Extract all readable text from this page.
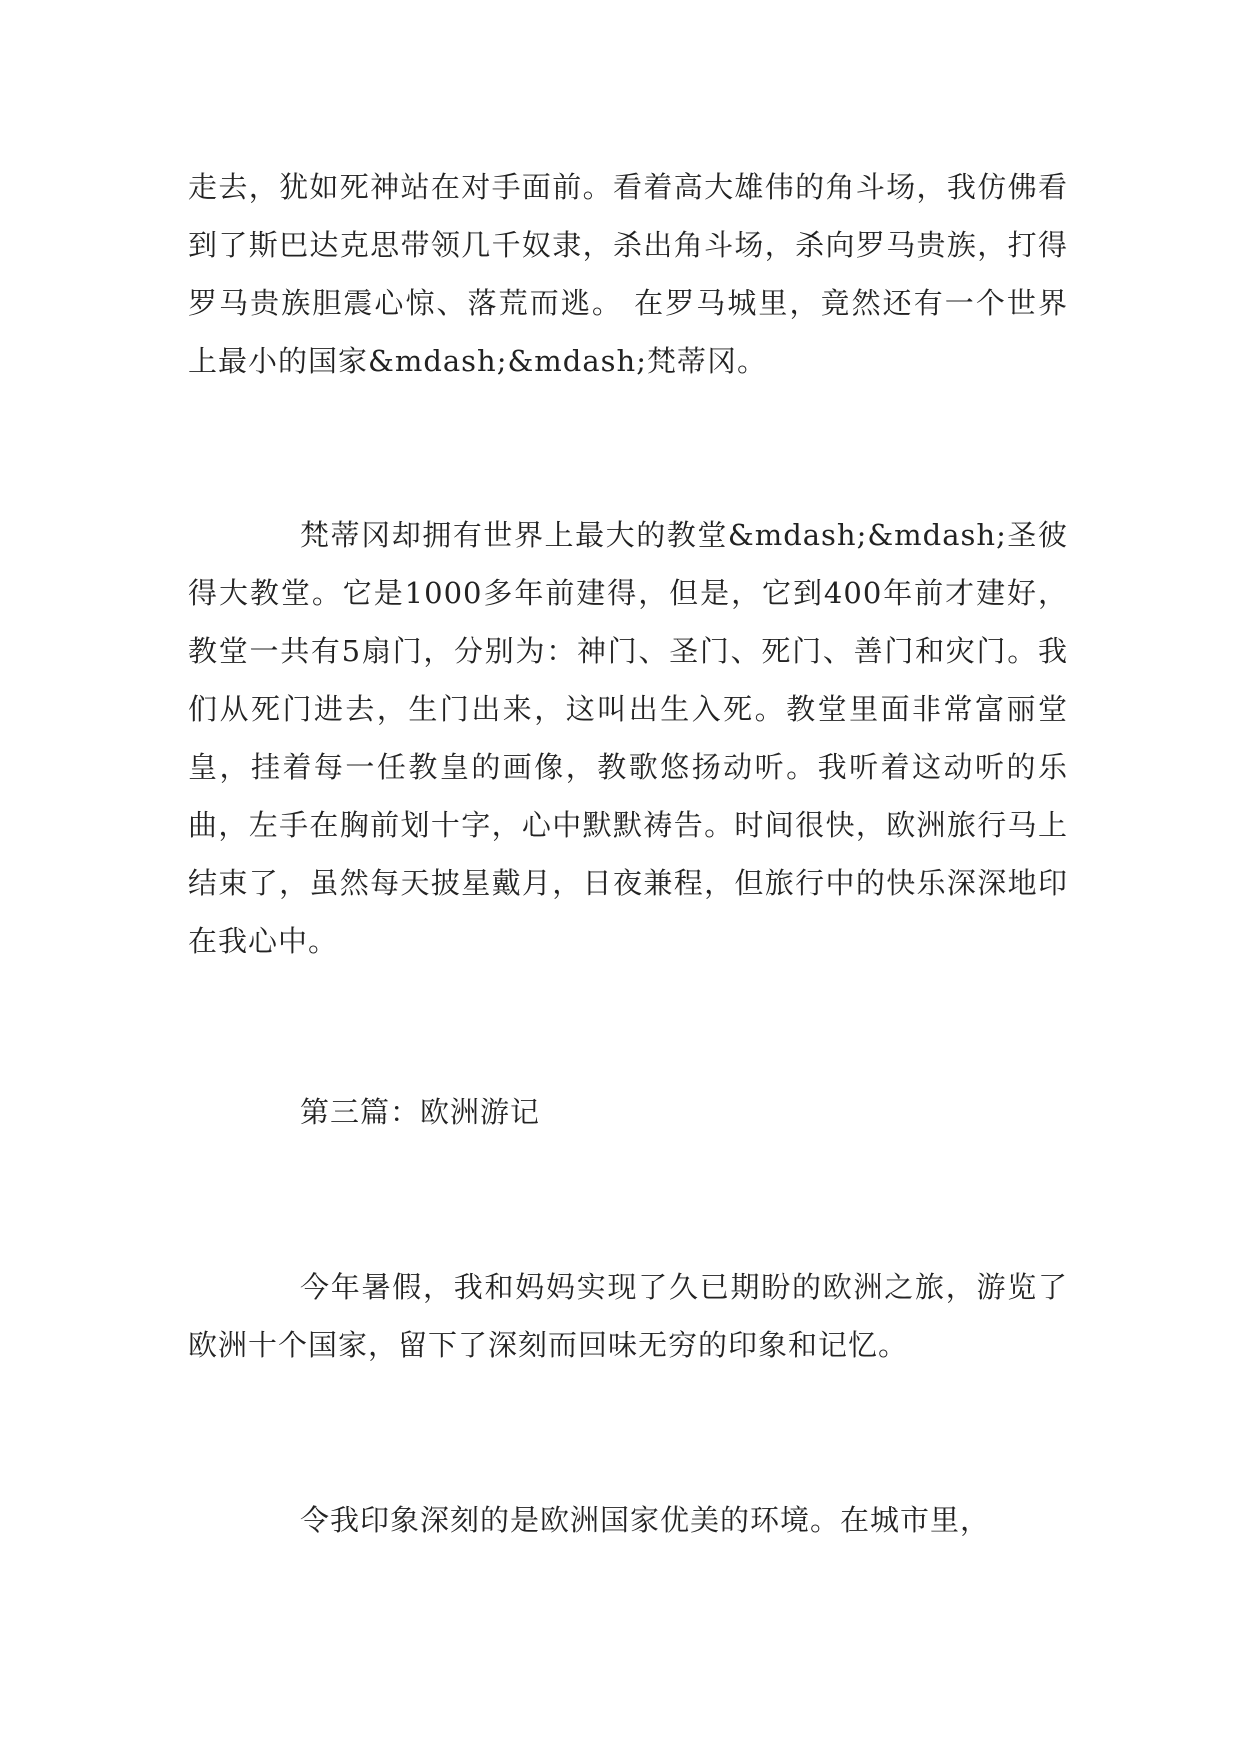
走去，犹如死神站在对手面前。看着高大雄伟的角斗场，我仿佛看到了斯巴达克思带领几千奴隶，杀出角斗场，杀向罗马贵族，打得罗马贵族胆震心惊、落荒而逃。 在罗马城里，竟然还有一个世界上最小的国家&mdash;&mdash;梵蒂冈。

梵蒂冈却拥有世界上最大的教堂&mdash;&mdash;圣彼得大教堂。它是1000多年前建得，但是，它到400年前才建好，教堂一共有5扇门，分别为：神门、圣门、死门、善门和灾门。我们从死门进去，生门出来，这叫出生入死。教堂里面非常富丽堂皇，挂着每一任教皇的画像，教歌悠扬动听。我听着这动听的乐曲，左手在胸前划十字，心中默默祷告。时间很快，欧洲旅行马上结束了，虽然每天披星戴月，日夜兼程，但旅行中的快乐深深地印在我心中。

第三篇：欧洲游记

今年暑假，我和妈妈实现了久已期盼的欧洲之旅，游览了欧洲十个国家，留下了深刻而回味无穷的印象和记忆。

令我印象深刻的是欧洲国家优美的环境。在城市里，
